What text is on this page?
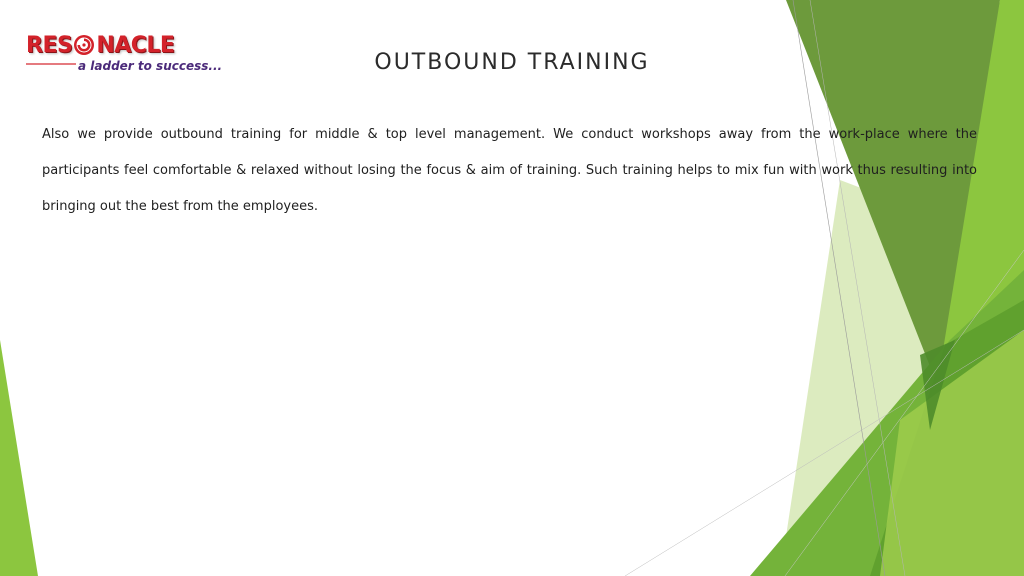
RES NACLE
a ladder to success...	OUTBOUND TRAINING

Also we provide outbound training for middle & top level management. We conduct workshops away from the work-place where the participants feel comfortable & relaxed without losing the focus & aim of training. Such training helps to mix fun with work thus resulting into bringing out the best from the employees.
